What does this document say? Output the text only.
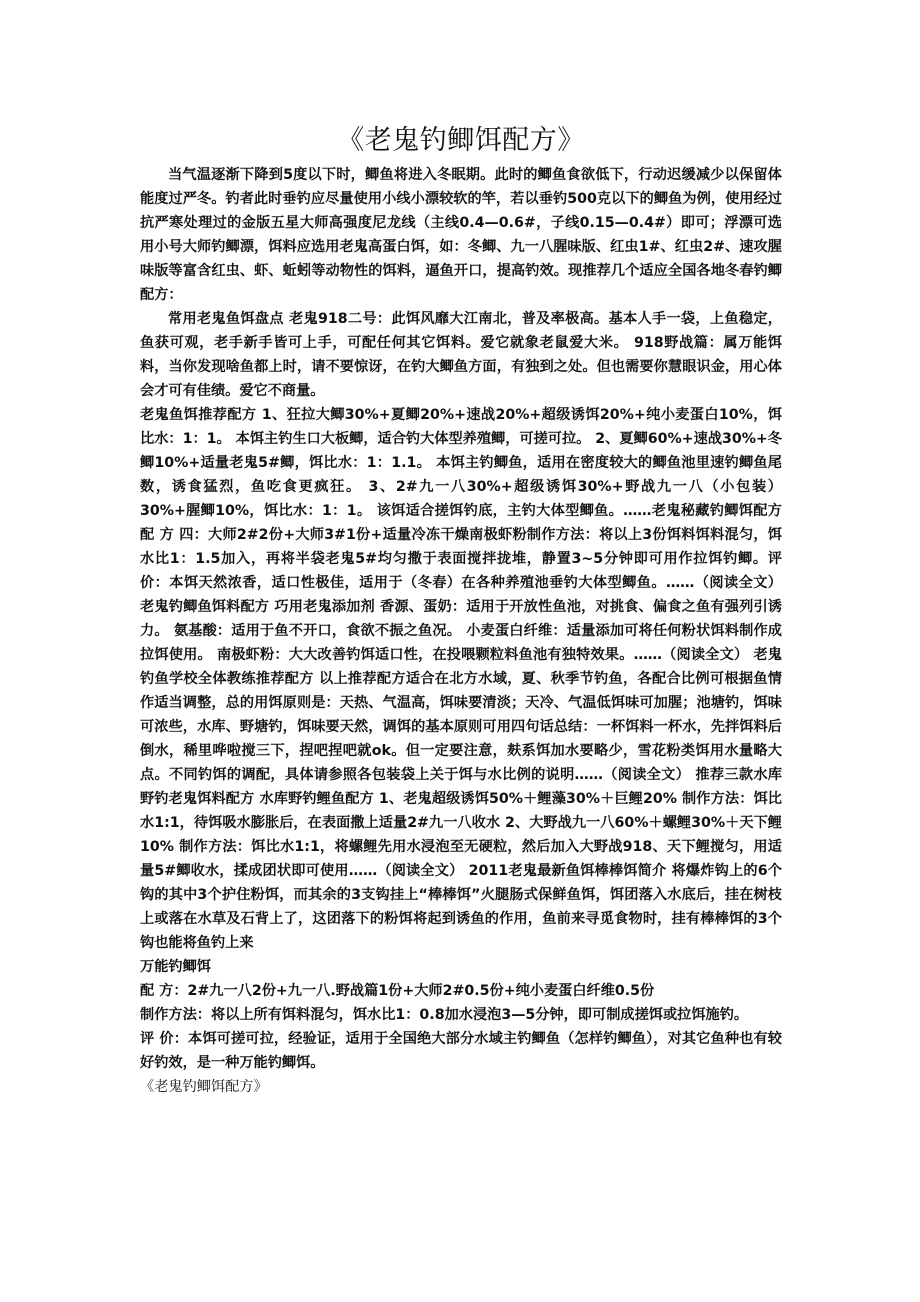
《老鬼钓鲫饵配方》

当气温逐渐下降到5度以下时，鲫鱼将进入冬眠期。此时的鲫鱼食欲低下，行动迟缓减少以保留体能度过严冬。钓者此时垂钓应尽量使用小线小漂较软的竿，若以垂钓500克以下的鲫鱼为例，使用经过抗严寒处理过的金版五星大师高强度尼龙线（主线0.4—0.6#，子线0.15—0.4#）即可；浮漂可选用小号大师钓鲫漂，饵料应选用老鬼高蛋白饵，如：冬鲫、九一八腥味版、红虫1#、红虫2#、速攻腥味版等富含红虫、虾、蚯蚓等动物性的饵料，逼鱼开口，提高钓效。现推荐几个适应全国各地冬春钓鲫配方：

常用老鬼鱼饵盘点 老鬼918二号：此饵风靡大江南北，普及率极高。基本人手一袋，上鱼稳定，鱼获可观，老手新手皆可上手，可配任何其它饵料。爱它就象老鼠爱大米。 918野战篇：属万能饵料，当你发现啥鱼都上时，请不要惊讶，在钓大鲫鱼方面，有独到之处。但也需要你慧眼识金，用心体会才可有佳绩。爱它不商量。

老鬼鱼饵推荐配方 1、狂拉大鲫30%+夏鲫20%+速战20%+超级诱饵20%+纯小麦蛋白10%，饵比水：1：1。 本饵主钓生口大板鲫，适合钓大体型养殖鲫，可搓可拉。 2、夏鲫60%+速战30%+冬鲫10%+适量老鬼5#鲫，饵比水：1：1.1。 本饵主钓鲫鱼，适用在密度较大的鲫鱼池里速钓鲫鱼尾数，诱食猛烈，鱼吃食更疯狂。 3、2#九一八30%+超级诱饵30%+野战九一八（小包装）30%+腥鲫10%，饵比水：1：1。 该饵适合搓饵钓底，主钓大体型鲫鱼。……老鬼秘藏钓鲫饵配方 配 方 四：大师2#2份+大师3#1份+适量冷冻干燥南极虾粉制作方法：将以上3份饵料饵料混匀，饵水比1：1.5加入，再将半袋老鬼5#均匀撒于表面搅拌拢堆，静置3~5分钟即可用作拉饵钓鲫。评 价：本饵天然浓香，适口性极佳，适用于（冬春）在各种养殖池垂钓大体型鲫鱼。……（阅读全文） 老鬼钓鲫鱼饵料配方 巧用老鬼添加剂 香源、蛋奶：适用于开放性鱼池，对挑食、偏食之鱼有强列引诱力。 氨基酸：适用于鱼不开口，食欲不振之鱼况。 小麦蛋白纤维：适量添加可将任何粉状饵料制作成拉饵使用。 南极虾粉：大大改善钓饵适口性，在投喂颗粒料鱼池有独特效果。……（阅读全文） 老鬼钓鱼学校全体教练推荐配方 以上推荐配方适合在北方水域，夏、秋季节钓鱼，各配合比例可根据鱼情作适当调整，总的用饵原则是：天热、气温高，饵味要清淡；天冷、气温低饵味可加腥；池塘钓，饵味可浓些，水库、野塘钓，饵味要天然，调饵的基本原则可用四句话总结：一杯饵料一杯水，先拌饵料后倒水，稀里哗啦搅三下，捏吧捏吧就ok。但一定要注意，麸系饵加水要略少，雪花粉类饵用水量略大点。不同钓饵的调配，具体请参照各包装袋上关于饵与水比例的说明……（阅读全文） 推荐三款水库野钓老鬼饵料配方 水库野钓鲤鱼配方 1、老鬼超级诱饵50%＋鲤藻30%＋巨鲤20% 制作方法：饵比水1:1，待饵吸水膨胀后，在表面撒上适量2#九一八收水 2、大野战九一八60%＋螺鲤30%＋天下鲤10% 制作方法：饵比水1:1，将螺鲤先用水浸泡至无硬粒，然后加入大野战918、天下鲤搅匀，用适量5#鲫收水，揉成团状即可使用……（阅读全文） 2011老鬼最新鱼饵棒棒饵简介 将爆炸钩上的6个钩的其中3个护住粉饵，而其余的3支钩挂上“棒棒饵”火腿肠式保鲜鱼饵，饵团落入水底后，挂在树枝上或落在水草及石背上了，这团落下的粉饵将起到诱鱼的作用，鱼前来寻觅食物时，挂有棒棒饵的3个钩也能将鱼钓上来

万能钓鲫饵

配 方：2#九一八2份+九一八.野战篇1份+大师2#0.5份+纯小麦蛋白纤维0.5份

制作方法：将以上所有饵料混匀，饵水比1：0.8加水浸泡3—5分钟，即可制成搓饵或拉饵施钓。

评 价：本饵可搓可拉，经验证，适用于全国绝大部分水域主钓鲫鱼（怎样钓鲫鱼），对其它鱼种也有较好钓效，是一种万能钓鲫饵。

《老鬼钓鲫饵配方》
